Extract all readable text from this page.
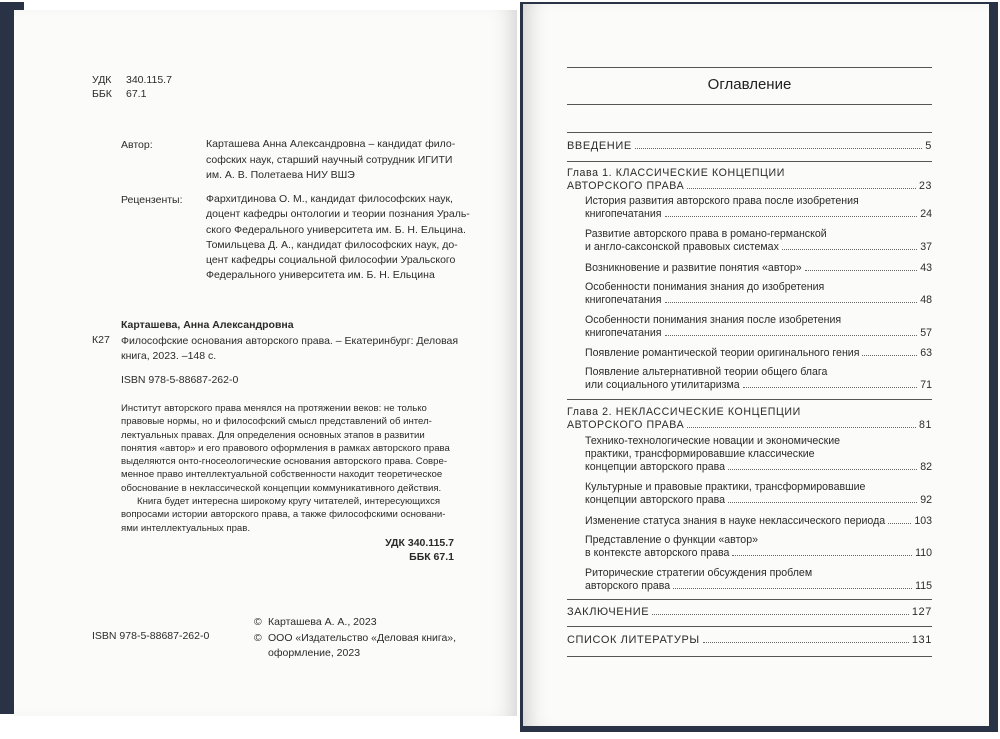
УДК 340.115.7
ББК 67.1
Автор:	Карташева Анна Александровна – кандидат фило-
софских наук, старший научный сотрудник ИГИТИ
им. А. В. Полетаева НИУ ВШЭ
Рецензенты: Фархитдинова О. М., кандидат философских наук,
доцент кафедры онтологии и теории познания Ураль-
ского Федерального университета им. Б. Н. Ельцина.
Томильцева Д. А., кандидат философских наук, до-
цент кафедры социальной философии Уральского
Федерального университета им. Б. Н. Ельцина
Карташева, Анна Александровна
К27 Философские основания авторского права. – Екатеринбург: Деловая
книга, 2023. –148 с.
ISBN 978-5-88687-262-0
Институт авторского права менялся на протяжении веков: не только
правовые нормы, но и философский смысл представлений об интел-
лектуальных правах. Для определения основных этапов в развитии
понятия «автор» и его правового оформления в рамках авторского права
выделяются онто-гносеологические основания авторского права. Совре-
менное право интеллектуальной собственности находит теоретическое
обоснование в неклассической концепции коммуникативного действия.
Книга будет интересна широкому кругу читателей, интересующихся
вопросами истории авторского права, а также философскими основани-
ями интеллектуальных прав.
УДК 340.115.7
ББК 67.1
ISBN 978-5-88687-262-0
© Карташева А. А., 2023
© ООО «Издательство «Деловая книга»,
оформление, 2023
Оглавление
ВВЕДЕНИЕ	5
Глава 1. КЛАССИЧЕСКИЕ КОНЦЕПЦИИ
АВТОРСКОГО ПРАВА	23
История развития авторского права после изобретения
книгопечатания	24
Развитие авторского права в романо-германской
и англо-саксонской правовых системах	37
Возникновение и развитие понятия «автор»	43
Особенности понимания знания до изобретения
книгопечатания	48
Особенности понимания знания после изобретения
книгопечатания	57
Появление романтической теории оригинального гения	63
Появление альтернативной теории общего блага
или социального утилитаризма	71
Глава 2. НЕКЛАССИЧЕСКИЕ КОНЦЕПЦИИ
АВТОРСКОГО ПРАВА	81
Технико-технологические новации и экономические
практики, трансформировавшие классические
концепции авторского права	82
Культурные и правовые практики, трансформировавшие
концепции авторского права	92
Изменение статуса знания в науке неклассического периода	103
Представление о функции «автор»
в контексте авторского права	110
Риторические стратегии обсуждения проблем
авторского права	115
ЗАКЛЮЧЕНИЕ	127
СПИСОК ЛИТЕРАТУРЫ	131
